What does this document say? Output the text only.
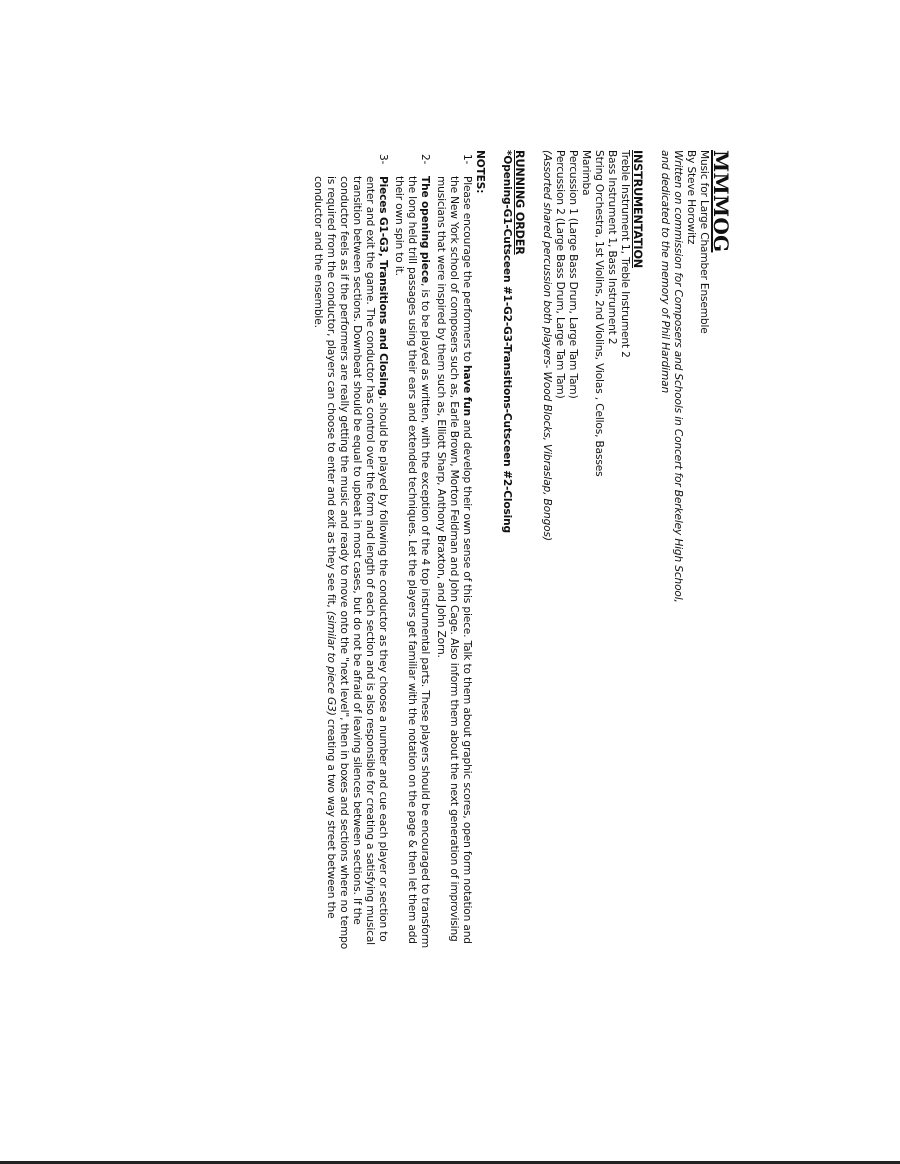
MMMOG
Music for Large Chamber Ensemble
By Steve Horowitz
Written on commission for Composers and Schools in Concert for Berkeley High School,
and dedicated to the memory of Phil Hardiman
INSTRUMENTATION
Treble Instrument 1, Treble Instrument 2
Bass Instrument 1, Bass Instrument 2
String Orchestra, 1st Violins, 2nd Violins, Violas , Cellos, Basses
Marimba
Percussion 1 (Large Bass Drum, Large Tam Tam)
Percussion 2 (Large Bass Drum, Large Tam Tam)
(Assorted shared percussion both players- Wood Blocks, Vibraslap, Bongos)
RUNNING ORDER
*Opening-G1-Cutsceen #1-G2-G3-Transitions-Cutsceen #2-Closing
NOTES:
1-
Please encourage the performers to have fun and develop their own sense of this piece. Talk to them about graphic scores, open form notation and the New York school of composers such as, Earle Brown, Morton Feldman and John Cage. Also inform them about the next generation of improvising musicians that were inspired by them such as, Elliott Sharp, Anthony Braxton, and John Zorn.
2-
The opening piece, is to be played as written, with the exception of the 4 top instrumental parts. These players should be encouraged to transform the long held trill passages using their ears and extended techniques. Let the players get familiar with the notation on the page & then let them add their own spin to it.
3-
Pieces G1-G3, Transitions and Closing, should be played by following the conductor as they choose a number and cue each player or section to enter and exit the game. The conductor has control over the form and length of each section and is also responsible for creating a satisfying musical transition between sections. Downbeat should be equal to upbeat in most cases, but do not be afraid of leaving silences between sections. If the conductor feels as if the performers are really getting the music and ready to move onto the "next level", then in boxes and sections where no tempo is required from the conductor, players can choose to enter and exit as they see fit, (similar to piece G3) creating a two way street between the conductor and the ensemble.
